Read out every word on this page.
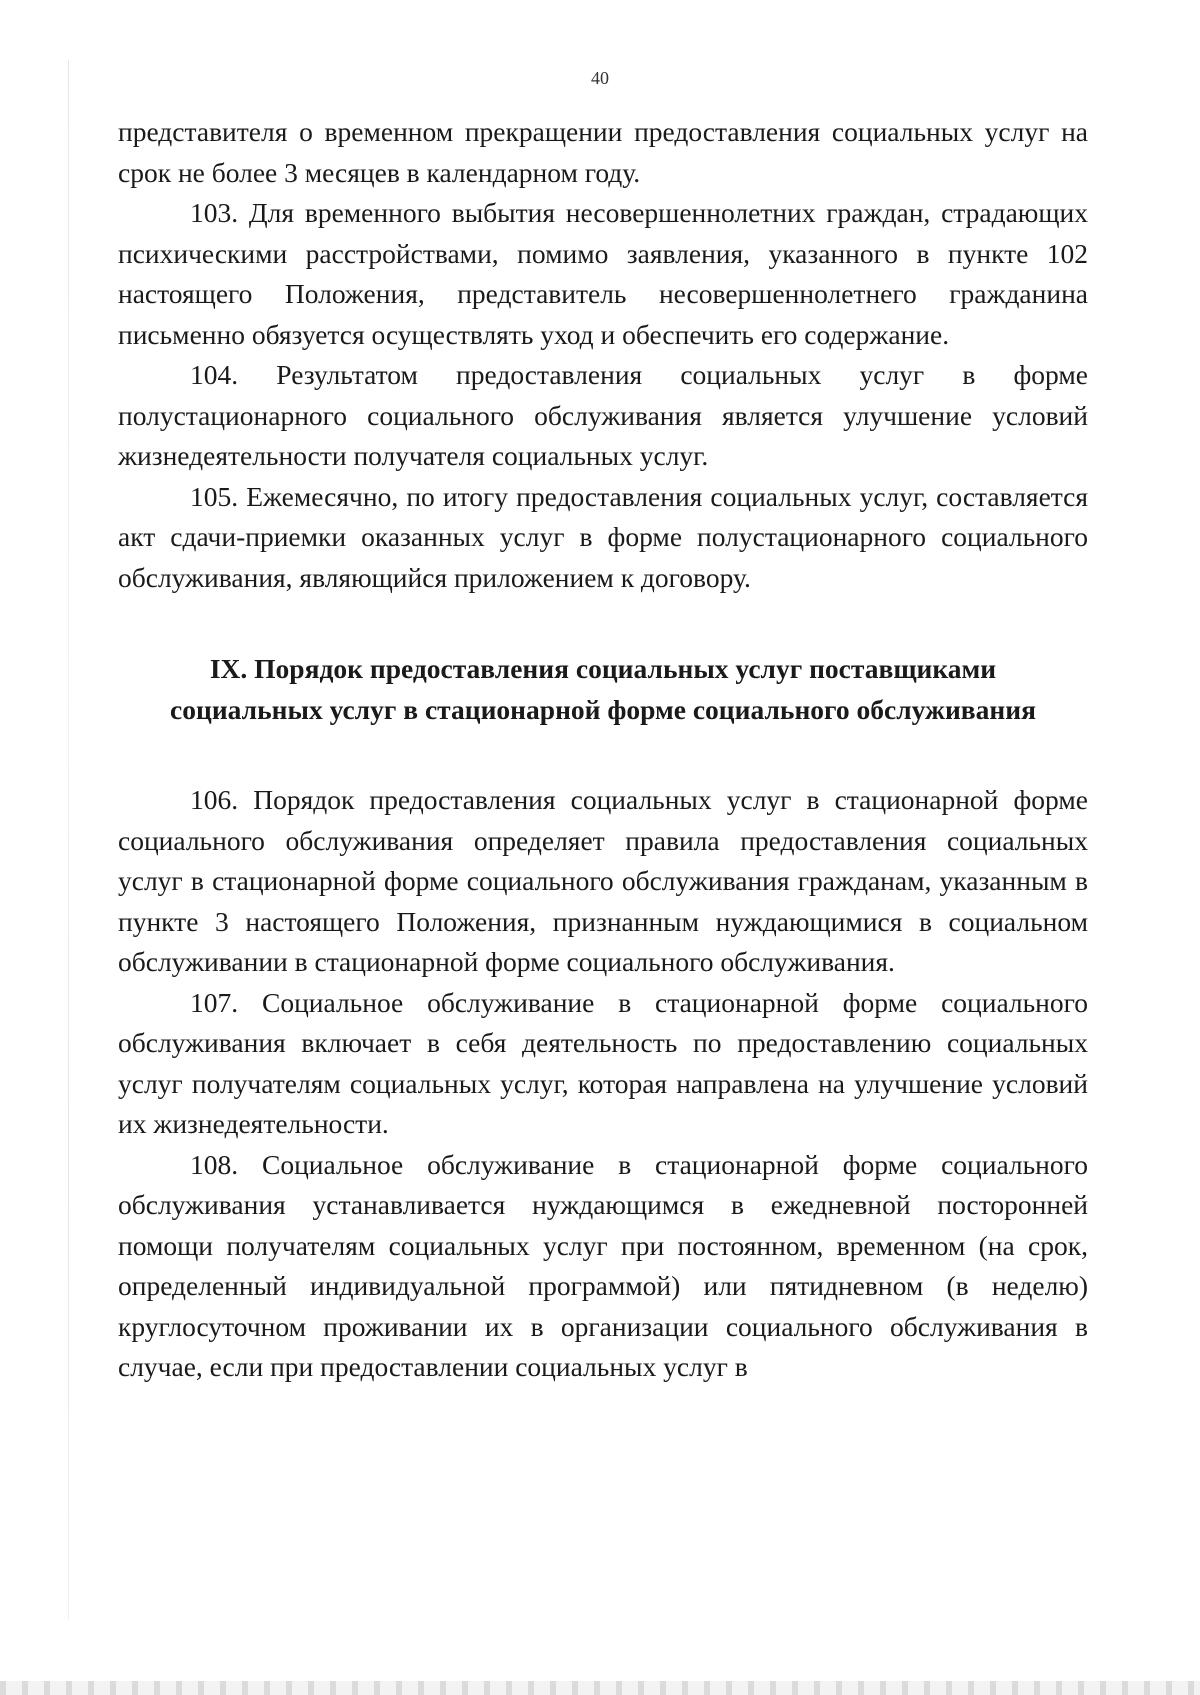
40

представителя о временном прекращении предоставления социальных услуг на срок не более 3 месяцев в календарном году.

103. Для временного выбытия несовершеннолетних граждан, страдающих психическими расстройствами, помимо заявления, указанного в пункте 102 настоящего Положения, представитель несовершеннолетнего гражданина письменно обязуется осуществлять уход и обеспечить его содержание.

104. Результатом предоставления социальных услуг в форме полустационарного социального обслуживания является улучшение условий жизнедеятельности получателя социальных услуг.

105. Ежемесячно, по итогу предоставления социальных услуг, составляется акт сдачи-приемки оказанных услуг в форме полустационарного социального обслуживания, являющийся приложением к договору.

IX. Порядок предоставления социальных услуг поставщиками
социальных услуг в стационарной форме социального обслуживания

106. Порядок предоставления социальных услуг в стационарной форме социального обслуживания определяет правила предоставления социальных услуг в стационарной форме социального обслуживания гражданам, указанным в пункте 3 настоящего Положения, признанным нуждающимися в социальном обслуживании в стационарной форме социального обслуживания.

107. Социальное обслуживание в стационарной форме социального обслуживания включает в себя деятельность по предоставлению социальных услуг получателям социальных услуг, которая направлена на улучшение условий их жизнедеятельности.

108. Социальное обслуживание в стационарной форме социального обслуживания устанавливается нуждающимся в ежедневной посторонней помощи получателям социальных услуг при постоянном, временном (на срок, определенный индивидуальной программой) или пятидневном (в неделю) круглосуточном проживании их в организации социального обслуживания в случае, если при предоставлении социальных услуг в
